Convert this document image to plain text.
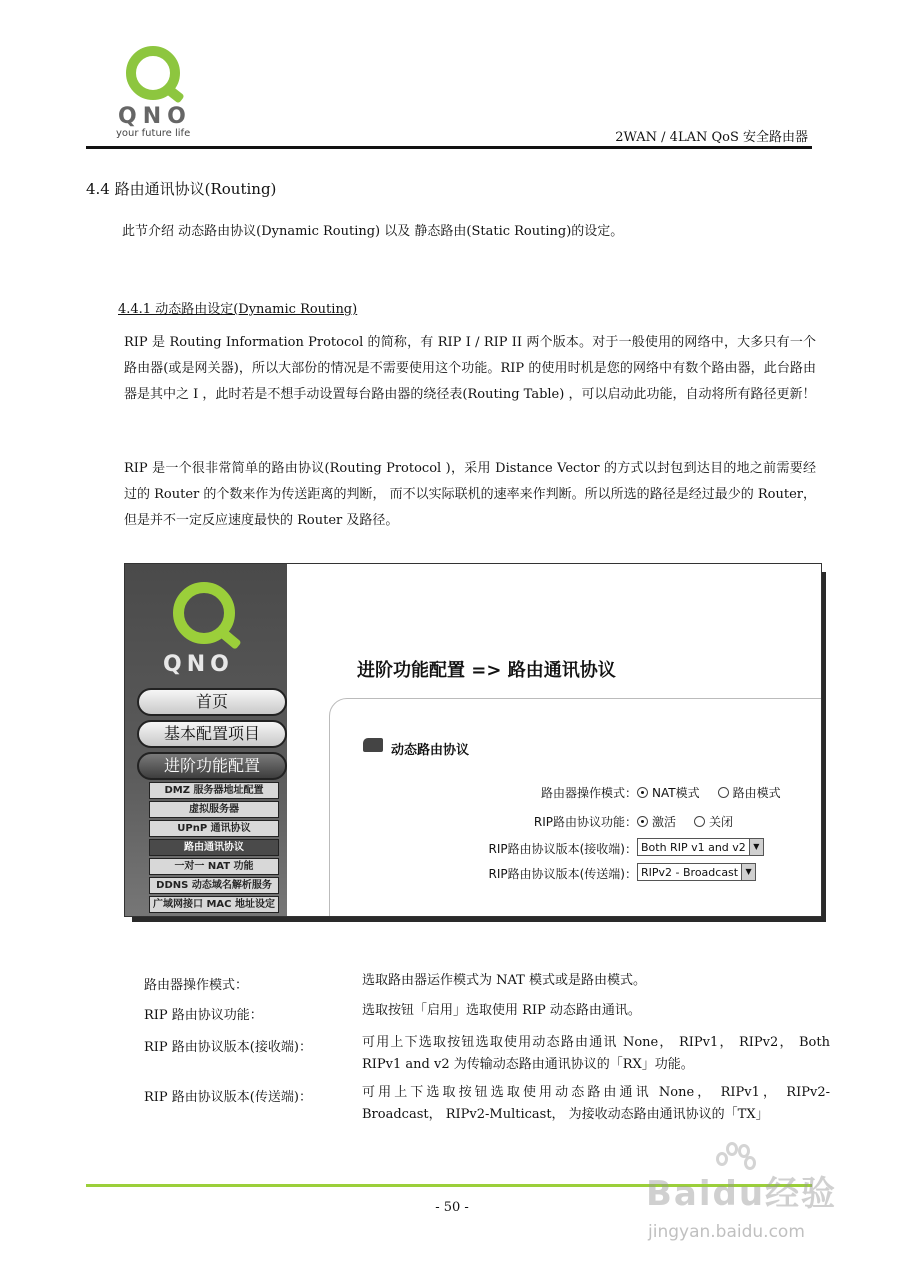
QNO
your future life	2WAN / 4LAN QoS 安全路由器
4.4 路由通讯协议(Routing)
此节介绍 动态路由协议(Dynamic Routing) 以及 静态路由(Static Routing)的设定。
4.4.1 动态路由设定(Dynamic Routing)
RIP 是 Routing Information Protocol 的简称，有 RIP I / RIP II 两个版本。对于一般使用的网络中，大多只有一个路由器(或是网关器)，所以大部份的情况是不需要使用这个功能。RIP 的使用时机是您的网络中有数个路由器，此台路由器是其中之 I ，此时若是不想手动设置每台路由器的绕径表(Routing Table) ，可以启动此功能，自动将所有路径更新！
RIP 是一个很非常简单的路由协议(Routing Protocol )，采用 Distance Vector 的方式以封包到达目的地之前需要经过的 Router 的个数来作为传送距离的判断， 而不以实际联机的速率来作判断。所以所选的路径是经过最少的 Router， 但是并不一定反应速度最快的 Router 及路径。
QNO
首页
基本配置项目
进阶功能配置
DMZ 服务器地址配置
虚拟服务器
UPnP 通讯协议
路由通讯协议
一对一 NAT 功能
DDNS 动态域名解析服务
广域网接口 MAC 地址设定
进阶功能配置 => 路由通讯协议
动态路由协议
路由器操作模式： NAT模式	路由模式
RIP路由协议功能： 激活	关闭
RIP路由协议版本(接收端)： Both RIP v1 and v2 ▼
RIP路由协议版本(传送端)： RIPv2 - Broadcast ▼
路由器操作模式：	选取路由器运作模式为 NAT 模式或是路由模式。
RIP 路由协议功能：	选取按钮「启用」选取使用 RIP 动态路由通讯。
RIP 路由协议版本(接收端)：	可用上下选取按钮选取使用动态路由通讯 None， RIPv1， RIPv2， Both RIPv1 and v2 为传输动态路由通讯协议的「RX」功能。
RIP 路由协议版本(传送端)：	可用上下选取按钮选取使用动态路由通讯 None， RIPv1， RIPv2-Broadcast， RIPv2-Multicast， 为接收动态路由通讯协议的「TX」
- 50 -	Baidu经验
jingyan.baidu.com
